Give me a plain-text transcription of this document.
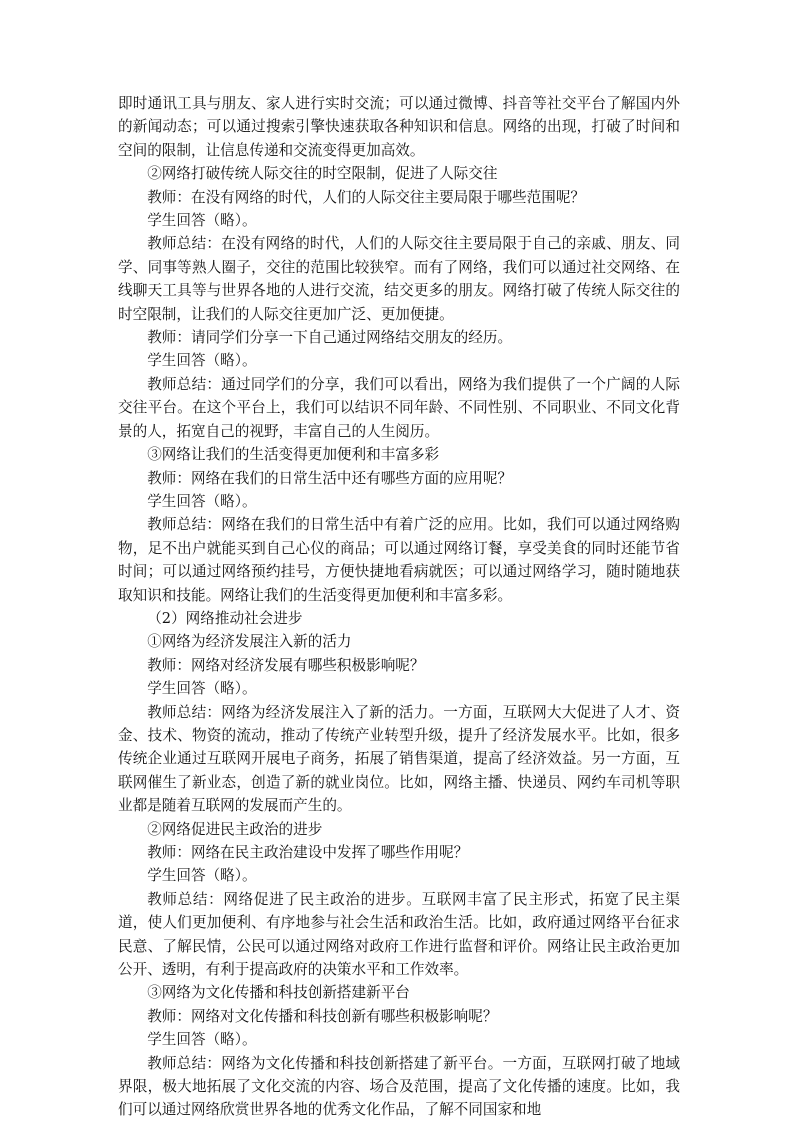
即时通讯工具与朋友、家人进行实时交流；可以通过微博、抖音等社交平台了解国内外的新闻动态；可以通过搜索引擎快速获取各种知识和信息。网络的出现，打破了时间和空间的限制，让信息传递和交流变得更加高效。

②网络打破传统人际交往的时空限制，促进了人际交往

教师：在没有网络的时代，人们的人际交往主要局限于哪些范围呢？

学生回答（略）。

教师总结：在没有网络的时代，人们的人际交往主要局限于自己的亲戚、朋友、同学、同事等熟人圈子，交往的范围比较狭窄。而有了网络，我们可以通过社交网络、在线聊天工具等与世界各地的人进行交流，结交更多的朋友。网络打破了传统人际交往的时空限制，让我们的人际交往更加广泛、更加便捷。

教师：请同学们分享一下自己通过网络结交朋友的经历。

学生回答（略）。

教师总结：通过同学们的分享，我们可以看出，网络为我们提供了一个广阔的人际交往平台。在这个平台上，我们可以结识不同年龄、不同性别、不同职业、不同文化背景的人，拓宽自己的视野，丰富自己的人生阅历。

③网络让我们的生活变得更加便利和丰富多彩

教师：网络在我们的日常生活中还有哪些方面的应用呢？

学生回答（略）。

教师总结：网络在我们的日常生活中有着广泛的应用。比如，我们可以通过网络购物，足不出户就能买到自己心仪的商品；可以通过网络订餐，享受美食的同时还能节省时间；可以通过网络预约挂号，方便快捷地看病就医；可以通过网络学习，随时随地获取知识和技能。网络让我们的生活变得更加便利和丰富多彩。

（2）网络推动社会进步

①网络为经济发展注入新的活力

教师：网络对经济发展有哪些积极影响呢？

学生回答（略）。

教师总结：网络为经济发展注入了新的活力。一方面，互联网大大促进了人才、资金、技术、物资的流动，推动了传统产业转型升级，提升了经济发展水平。比如，很多传统企业通过互联网开展电子商务，拓展了销售渠道，提高了经济效益。另一方面，互联网催生了新业态，创造了新的就业岗位。比如，网络主播、快递员、网约车司机等职业都是随着互联网的发展而产生的。

②网络促进民主政治的进步

教师：网络在民主政治建设中发挥了哪些作用呢？

学生回答（略）。

教师总结：网络促进了民主政治的进步。互联网丰富了民主形式，拓宽了民主渠道，使人们更加便利、有序地参与社会生活和政治生活。比如，政府通过网络平台征求民意、了解民情，公民可以通过网络对政府工作进行监督和评价。网络让民主政治更加公开、透明，有利于提高政府的决策水平和工作效率。

③网络为文化传播和科技创新搭建新平台

教师：网络对文化传播和科技创新有哪些积极影响呢？

学生回答（略）。

教师总结：网络为文化传播和科技创新搭建了新平台。一方面，互联网打破了地域界限，极大地拓展了文化交流的内容、场合及范围，提高了文化传播的速度。比如，我们可以通过网络欣赏世界各地的优秀文化作品，了解不同国家和地
